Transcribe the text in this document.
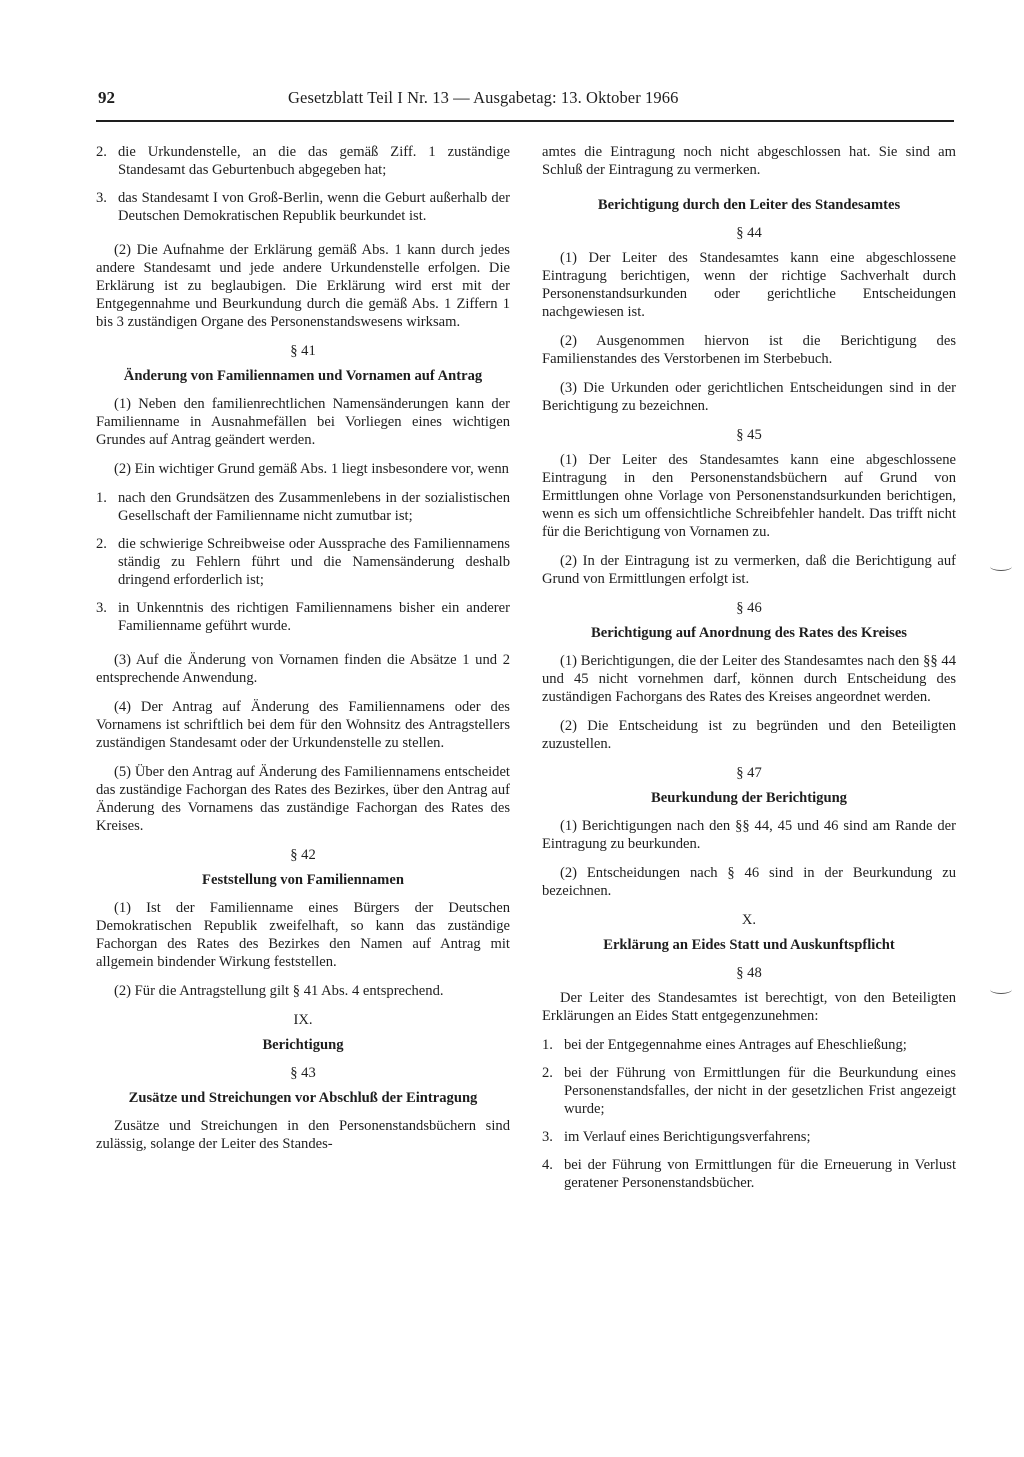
92	Gesetzblatt Teil I Nr. 13 — Ausgabetag: 13. Oktober 1966
2. die Urkundenstelle, an die das gemäß Ziff. 1 zuständige Standesamt das Geburtenbuch abgegeben hat;
3. das Standesamt I von Groß-Berlin, wenn die Geburt außerhalb der Deutschen Demokratischen Republik beurkundet ist.

(2) Die Aufnahme der Erklärung gemäß Abs. 1 kann durch jedes andere Standesamt und jede andere Urkundenstelle erfolgen. Die Erklärung ist zu beglaubigen. Die Erklärung wird erst mit der Entgegennahme und Beurkundung durch die gemäß Abs. 1 Ziffern 1 bis 3 zuständigen Organe des Personenstandswesens wirksam.

§ 41

Änderung von Familiennamen und Vornamen auf Antrag

(1) Neben den familienrechtlichen Namensänderungen kann der Familienname in Ausnahmefällen bei Vorliegen eines wichtigen Grundes auf Antrag geändert werden.

(2) Ein wichtiger Grund gemäß Abs. 1 liegt insbesondere vor, wenn

1. nach den Grundsätzen des Zusammenlebens in der sozialistischen Gesellschaft der Familienname nicht zumutbar ist;
2. die schwierige Schreibweise oder Aussprache des Familiennamens ständig zu Fehlern führt und die Namensänderung deshalb dringend erforderlich ist;
3. in Unkenntnis des richtigen Familiennamens bisher ein anderer Familienname geführt wurde.

(3) Auf die Änderung von Vornamen finden die Absätze 1 und 2 entsprechende Anwendung.

(4) Der Antrag auf Änderung des Familiennamens oder des Vornamens ist schriftlich bei dem für den Wohnsitz des Antragstellers zuständigen Standesamt oder der Urkundenstelle zu stellen.

(5) Über den Antrag auf Änderung des Familiennamens entscheidet das zuständige Fachorgan des Rates des Bezirkes, über den Antrag auf Änderung des Vornamens das zuständige Fachorgan des Rates des Kreises.

§ 42

Feststellung von Familiennamen

(1) Ist der Familienname eines Bürgers der Deutschen Demokratischen Republik zweifelhaft, so kann das zuständige Fachorgan des Rates des Bezirkes den Namen auf Antrag mit allgemein bindender Wirkung feststellen.

(2) Für die Antragstellung gilt § 41 Abs. 4 entsprechend.

IX.

Berichtigung

§ 43

Zusätze und Streichungen vor Abschluß der Eintragung

Zusätze und Streichungen in den Personenstandsbüchern sind zulässig, solange der Leiter des Standes-

amtes die Eintragung noch nicht abgeschlossen hat. Sie sind am Schluß der Eintragung zu vermerken.

Berichtigung durch den Leiter des Standesamtes

§ 44

(1) Der Leiter des Standesamtes kann eine abgeschlossene Eintragung berichtigen, wenn der richtige Sachverhalt durch Personenstandsurkunden oder gerichtliche Entscheidungen nachgewiesen ist.

(2) Ausgenommen hiervon ist die Berichtigung des Familienstandes des Verstorbenen im Sterbebuch.

(3) Die Urkunden oder gerichtlichen Entscheidungen sind in der Berichtigung zu bezeichnen.

§ 45

(1) Der Leiter des Standesamtes kann eine abgeschlossene Eintragung in den Personenstandsbüchern auf Grund von Ermittlungen ohne Vorlage von Personenstandsurkunden berichtigen, wenn es sich um offensichtliche Schreibfehler handelt. Das trifft nicht für die Berichtigung von Vornamen zu.

(2) In der Eintragung ist zu vermerken, daß die Berichtigung auf Grund von Ermittlungen erfolgt ist.

§ 46

Berichtigung auf Anordnung des Rates des Kreises

(1) Berichtigungen, die der Leiter des Standesamtes nach den §§ 44 und 45 nicht vornehmen darf, können durch Entscheidung des zuständigen Fachorgans des Rates des Kreises angeordnet werden.

(2) Die Entscheidung ist zu begründen und den Beteiligten zuzustellen.

§ 47

Beurkundung der Berichtigung

(1) Berichtigungen nach den §§ 44, 45 und 46 sind am Rande der Eintragung zu beurkunden.

(2) Entscheidungen nach § 46 sind in der Beurkundung zu bezeichnen.

X.

Erklärung an Eides Statt und Auskunftspflicht

§ 48

Der Leiter des Standesamtes ist berechtigt, von den Beteiligten Erklärungen an Eides Statt entgegenzunehmen:

1. bei der Entgegennahme eines Antrages auf Eheschließung;
2. bei der Führung von Ermittlungen für die Beurkundung eines Personenstandsfalles, der nicht in der gesetzlichen Frist angezeigt wurde;
3. im Verlauf eines Berichtigungsverfahrens;
4. bei der Führung von Ermittlungen für die Erneuerung in Verlust geratener Personenstandsbücher.
